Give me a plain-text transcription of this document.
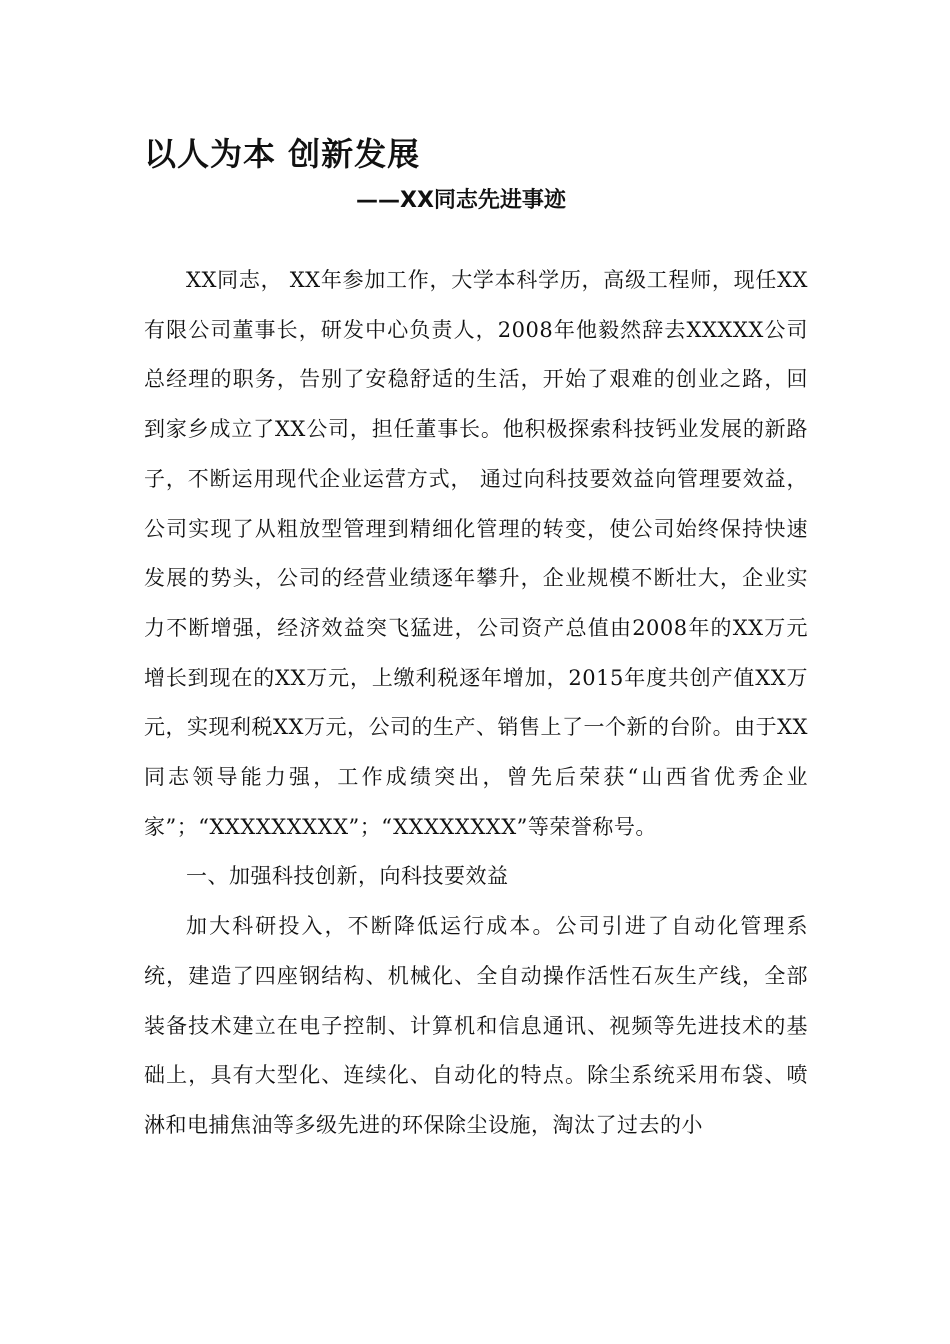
以人为本 创新发展
——XX同志先进事迹

XX同志， XX年参加工作，大学本科学历，高级工程师，现任XX有限公司董事长，研发中心负责人，2008年他毅然辞去XXXXX公司总经理的职务，告别了安稳舒适的生活，开始了艰难的创业之路，回到家乡成立了XX公司，担任董事长。他积极探索科技钙业发展的新路子，不断运用现代企业运营方式， 通过向科技要效益向管理要效益，公司实现了从粗放型管理到精细化管理的转变，使公司始终保持快速发展的势头，公司的经营业绩逐年攀升，企业规模不断壮大，企业实力不断增强，经济效益突飞猛进，公司资产总值由2008年的XX万元增长到现在的XX万元，上缴利税逐年增加，2015年度共创产值XX万元，实现利税XX万元，公司的生产、销售上了一个新的台阶。由于XX同志领导能力强，工作成绩突出，曾先后荣获“山西省优秀企业家”；“XXXXXXXXX”；“XXXXXXXX”等荣誉称号。

一、加强科技创新，向科技要效益

加大科研投入，不断降低运行成本。公司引进了自动化管理系统，建造了四座钢结构、机械化、全自动操作活性石灰生产线，全部装备技术建立在电子控制、计算机和信息通讯、视频等先进技术的基础上，具有大型化、连续化、自动化的特点。除尘系统采用布袋、喷淋和电捕焦油等多级先进的环保除尘设施，淘汰了过去的小
